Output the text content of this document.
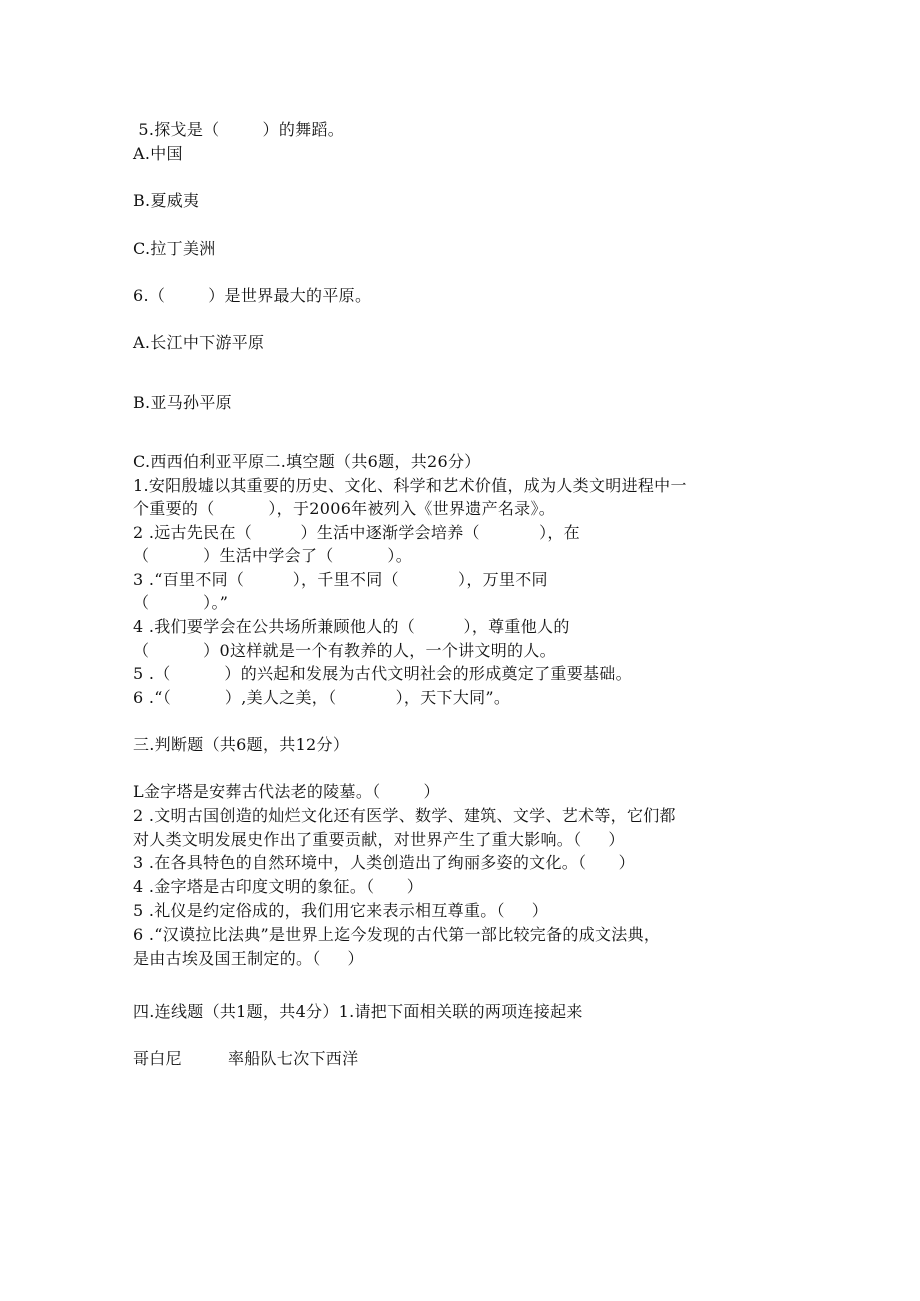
5.探戈是（        ）的舞蹈。
A.中国
B.夏威夷
C.拉丁美洲
6.（        ）是世界最大的平原。
A.长江中下游平原
B.亚马孙平原
C.西西伯利亚平原二.填空题（共6题，共26分）
1.安阳殷墟以其重要的历史、文化、科学和艺术价值，成为人类文明进程中一
个重要的（          ），于2006年被列入《世界遗产名录》。
2 .远古先民在（         ）生活中逐渐学会培养（           ），在
（          ）生活中学会了（          ）。
3 .“百里不同（         ），千里不同（           ），万里不同
（          ）。”
4 .我们要学会在公共场所兼顾他人的（         ），尊重他人的
（          ）0这样就是一个有教养的人，一个讲文明的人。
5 .（          ）的兴起和发展为古代文明社会的形成奠定了重要基础。
6 .“（          ）,美人之美，（           ），天下大同”。
三.判断题（共6题，共12分）
L金字塔是安葬古代法老的陵墓。（        ）
2 .文明古国创造的灿烂文化还有医学、数学、建筑、文学、艺术等，它们都
对人类文明发展史作出了重要贡献，对世界产生了重大影响。（     ）
3 .在各具特色的自然环境中，人类创造出了绚丽多姿的文化。（      ）
4 .金字塔是古印度文明的象征。（      ）
5 .礼仪是约定俗成的，我们用它来表示相互尊重。（     ）
6 .“汉谟拉比法典”是世界上迄今发现的古代第一部比较完备的成文法典，
是由古埃及国王制定的。（     ）
四.连线题（共1题，共4分）1.请把下面相关联的两项连接起来
哥白尼	率船队七次下西洋
